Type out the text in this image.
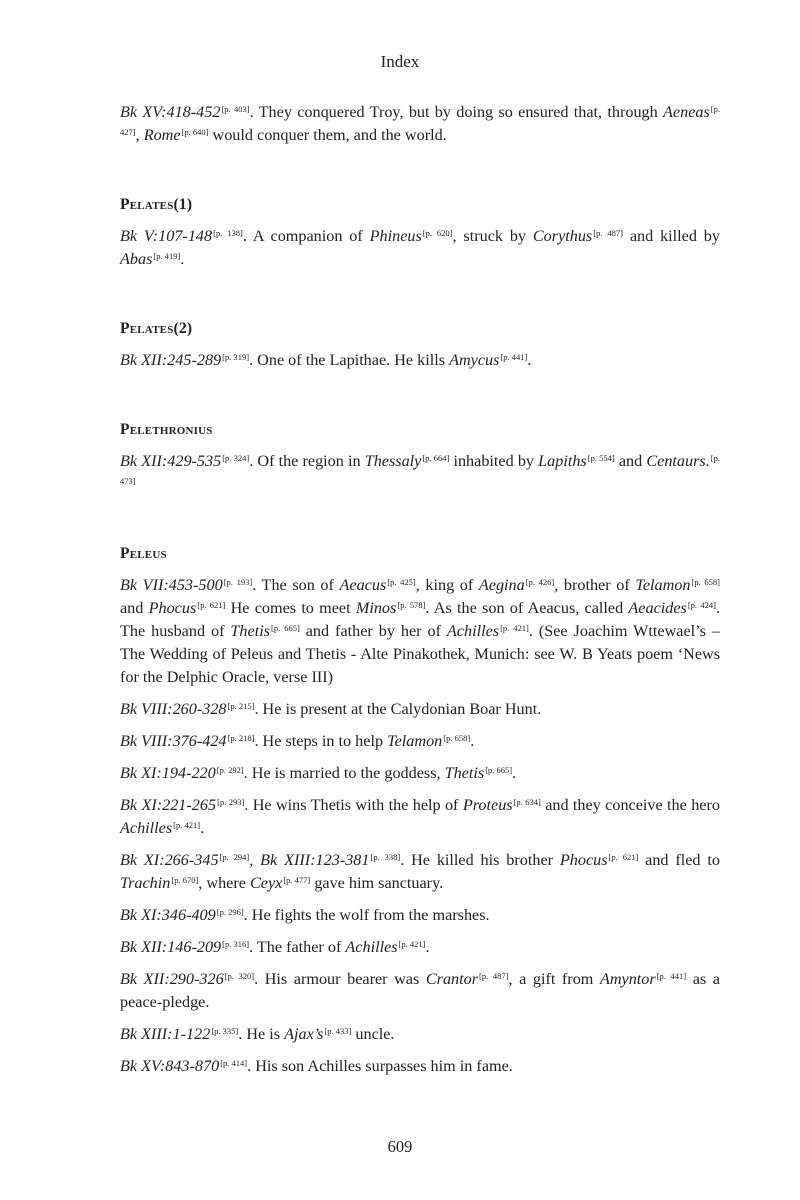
Index

Bk XV:418-452[p. 403]. They conquered Troy, but by doing so ensured that, through Aeneas[p. 427], Rome[p. 640] would conquer them, and the world.

Pelates(1)

Bk V:107-148[p. 138]. A companion of Phineus[p. 620], struck by Corythus[p. 487] and killed by Abas[p. 419].

Pelates(2)

Bk XII:245-289[p. 319]. One of the Lapithae. He kills Amycus[p. 441].

Pelethronius

Bk XII:429-535[p. 324]. Of the region in Thessaly[p. 664] inhabited by Lapiths[p. 554] and Centaurs.[p. 473]

Peleus

Bk VII:453-500[p. 193]. The son of Aeacus[p. 425], king of Aegina[p. 426], brother of Telamon[p. 658] and Phocus[p. 621] He comes to meet Minos[p. 578]. As the son of Aeacus, called Aeacides[p. 424]. The husband of Thetis[p. 665] and father by her of Achilles[p. 421]. (See Joachim Wttewael’s – The Wedding of Peleus and Thetis - Alte Pinakothek, Munich: see W. B Yeats poem ‘News for the Delphic Oracle, verse III)

Bk VIII:260-328[p. 215]. He is present at the Calydonian Boar Hunt.

Bk VIII:376-424[p. 218]. He steps in to help Telamon[p. 658].

Bk XI:194-220[p. 292]. He is married to the goddess, Thetis[p. 665].

Bk XI:221-265[p. 293]. He wins Thetis with the help of Proteus[p. 634] and they conceive the hero Achilles[p. 421].

Bk XI:266-345[p. 294], Bk XIII:123-381[p. 338]. He killed his brother Phocus[p. 621] and fled to Trachin[p. 670], where Ceyx[p. 477] gave him sanctuary.

Bk XI:346-409[p. 296]. He fights the wolf from the marshes.

Bk XII:146-209[p. 316]. The father of Achilles[p. 421].

Bk XII:290-326[p. 320]. His armour bearer was Crantor[p. 487], a gift from Amyntor[p. 441] as a peace-pledge.

Bk XIII:1-122[p. 335]. He is Ajax’s[p. 433] uncle.

Bk XV:843-870[p. 414]. His son Achilles surpasses him in fame.

609
